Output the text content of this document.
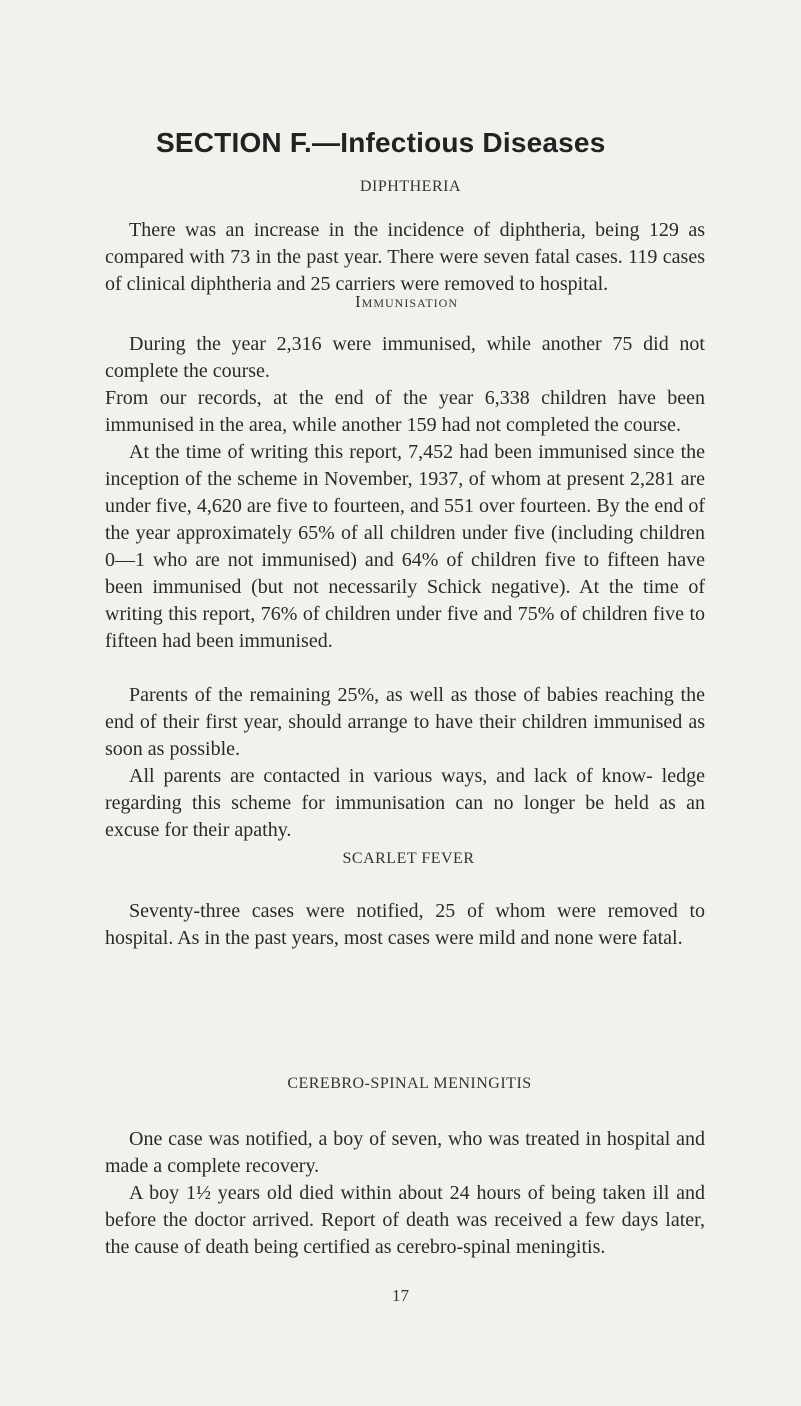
SECTION F.—Infectious Diseases
DIPHTHERIA

There was an increase in the incidence of diphtheria, being 129 as compared with 73 in the past year. There were seven fatal cases. 119 cases of clinical diphtheria and 25 carriers were removed to hospital.

Immunisation

During the year 2,316 were immunised, while another 75 did not complete the course.

From our records, at the end of the year 6,338 children have been immunised in the area, while another 159 had not completed the course.

At the time of writing this report, 7,452 had been immunised since the inception of the scheme in November, 1937, of whom at present 2,281 are under five, 4,620 are five to fourteen, and 551 over fourteen. By the end of the year approximately 65% of all children under five (including children 0—1 who are not immunised) and 64% of children five to fifteen have been immunised (but not necessarily Schick negative). At the time of writing this report, 76% of children under five and 75% of children five to fifteen had been immunised.

Parents of the remaining 25%, as well as those of babies reaching the end of their first year, should arrange to have their children immunised as soon as possible.

All parents are contacted in various ways, and lack of know- ledge regarding this scheme for immunisation can no longer be held as an excuse for their apathy.

SCARLET FEVER

Seventy-three cases were notified, 25 of whom were removed to hospital. As in the past years, most cases were mild and none were fatal.

CEREBRO-SPINAL MENINGITIS

One case was notified, a boy of seven, who was treated in hospital and made a complete recovery.

A boy 1½ years old died within about 24 hours of being taken ill and before the doctor arrived. Report of death was received a few days later, the cause of death being certified as cerebro-spinal meningitis.

17
